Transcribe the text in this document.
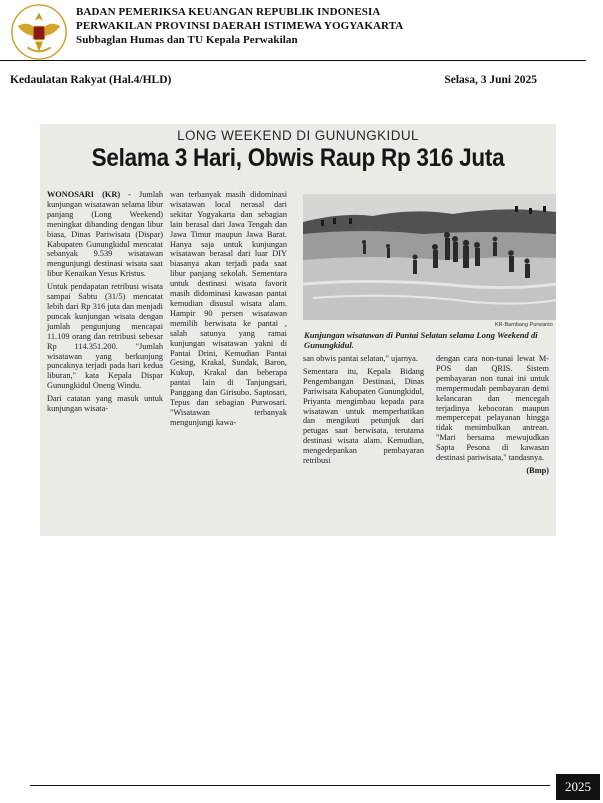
BADAN PEMERIKSA KEUANGAN REPUBLIK INDONESIA
PERWAKILAN PROVINSI DAERAH ISTIMEWA YOGYAKARTA
Subbaglan Humas dan TU Kepala Perwakilan
Kedaulatan Rakyat (Hal.4/HLD)	Selasa, 3 Juni 2025
LONG WEEKEND DI GUNUNGKIDUL
Selama 3 Hari, Obwis Raup Rp 316 Juta

WONOSARI (KR) - Jumlah kunjungan wisatawan selama libur panjang (Long Weekend) meningkat dibanding dengan libur biasa, Dinas Pariwisata (Dispar) Kabupaten Gunungkidul mencatat sebanyak 9.539 wisatawan mengunjungi destinasi wisata saat libur Kenaikan Yesus Kristus.

Untuk pendapatan retribusi wisata sampai Sabtu (31/5) mencatat lebih dari Rp 316 juta dan menjadi puncak kunjungan wisata dengan jumlah pengunjung mencapai 11.109 orang dan retribusi sebesar Rp 114.351.200. "Jumlah wisatawan yang berkunjung puncaknya terjadi pada hari kedua liburan," kata Kepala Dispar Gunungkidul Oneng Windu.

Dari catatan yang masuk untuk kunjungan wisata-

wan terbanyak masih didominasi wisatawan local nerasal dari sekitar Yogyakarta dan sebagian lain berasal dari Jawa Tengah dan Jawa Timur maupun Jawa Barat. Hanya saja untuk kunjungan wisatawan berasal dari luar DIY biasanya akan terjadi pada saat libur panjang sekolah. Sementara untuk destinasi wisata favorit masih didominasi kawasan pantai kemudian disusul wisata alam. Hampir 90 persen wisatawan memilih berwisata ke pantai , salah satunya yang ramai kunjungan wisatawan yakni di Pantai Drini, Kemudian Pantai Gesing, Krakal, Sundak, Baron, Kukup, Krakal dan beberapa pantai lain di Tanjungsari, Panggang dan Girisubo. Saptosari, Tepus dan sebagian Purwosari. "Wisatawan terbanyak mengunjungi kawa-

KR-Bambang Purwanto
Kunjungan wisatawan di Pantai Selatan selama Long Weekend di Gunungkidul.

san obwis pantai selatan," ujarnya.

Sementara itu, Kepala Bidang Pengembangan Destinasi, Dinas Pariwisata Kabupaten Gunungkidul, Priyanta mengimbau kepada para wisatawan untuk memperhatikan dan mengikuti petunjuk dari petugas saat berwisata, terutama destinasi wisata alam. Kemudian, mengedepankan pembayaran retribusi

dengan cara non-tunai lewat M-POS dan QRIS. Sistem pembayaran non tunai ini untuk mempermudah pembayaran demi kelancaran dan mencegah terjadinya kebocoran maupun mempercepat pelayanan hingga tidak menimbulkan antrean. "Mari bersama mewujudkan Sapta Pesona di kawasan destinasi pariwisata," tandasnya.

(Bmp)

2025
